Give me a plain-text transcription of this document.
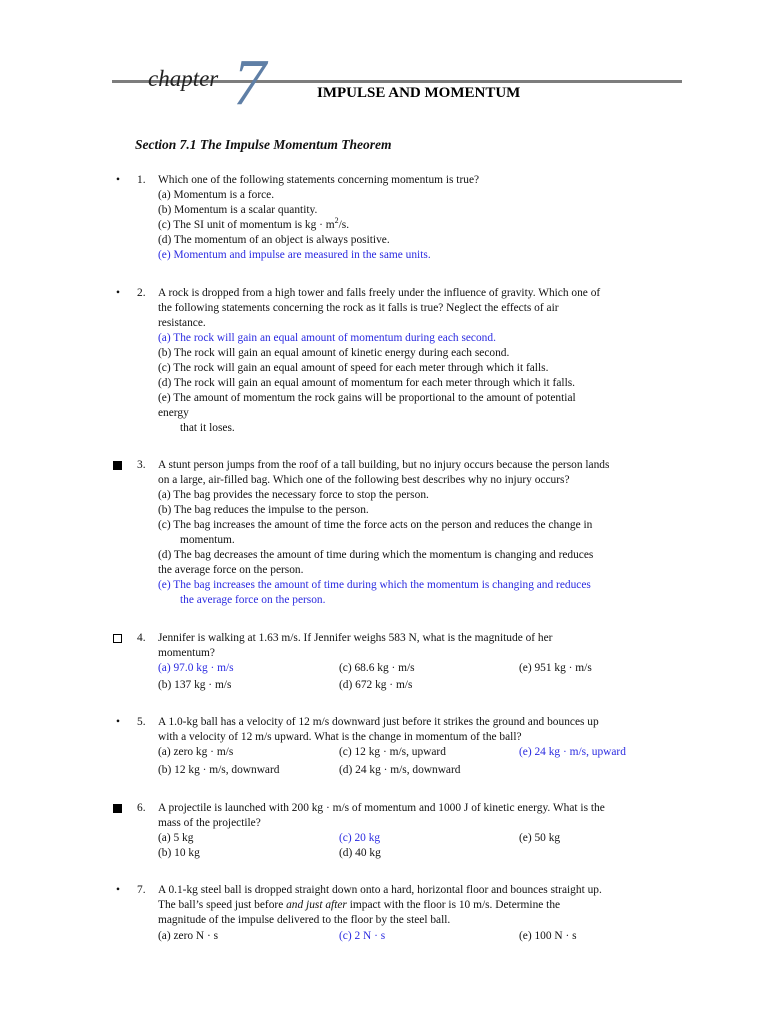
chapter 7	IMPULSE AND MOMENTUM
Section 7.1 The Impulse Momentum Theorem
•
1. Which one of the following statements concerning momentum is true?
(a) Momentum is a force.
(b) Momentum is a scalar quantity.
(c) The SI unit of momentum is kg · $m^2/s$.
(d) The momentum of an object is always positive.
(e) Momentum and impulse are measured in the same units.
•
2. A rock is dropped from a high tower and falls freely under the influence of gravity. Which one of
the following statements concerning the rock as it falls is true? Neglect the effects of air
resistance.
(a) The rock will gain an equal amount of momentum during each second.
(b) The rock will gain an equal amount of kinetic energy during each second.
(c) The rock will gain an equal amount of speed for each meter through which it falls.
(d) The rock will gain an equal amount of momentum for each meter through which it falls.
(e) The amount of momentum the rock gains will be proportional to the amount of potential
energy
that it loses.
3. A stunt person jumps from the roof of a tall building, but no injury occurs because the person lands
on a large, air-filled bag. Which one of the following best describes why no injury occurs?
(a) The bag provides the necessary force to stop the person.
(b) The bag reduces the impulse to the person.
(c) The bag increases the amount of time the force acts on the person and reduces the change in
momentum.
(d) The bag decreases the amount of time during which the momentum is changing and reduces
the average force on the person.
(e) The bag increases the amount of time during which the momentum is changing and reduces
the average force on the person.
4. Jennifer is walking at 1.63 m/s. If Jennifer weighs 583 N, what is the magnitude of her
momentum?
(a) 97.0 kg · m/s	(c) 68.6 kg · m/s	(e) 951 kg · m/s
(b) 137 kg · m/s	(d) 672 kg · m/s
•
5. A 1.0-kg ball has a velocity of 12 m/s downward just before it strikes the ground and bounces up
with a velocity of 12 m/s upward. What is the change in momentum of the ball?
(a) zero kg · m/s	(c) 12 kg · m/s, upward	(e) 24 kg · m/s, upward
(b) 12 kg · m/s, downward	(d) 24 kg · m/s, downward
6. A projectile is launched with 200 kg · m/s of momentum and 1000 J of kinetic energy. What is the
mass of the projectile?
(a) 5 kg	(c) 20 kg	(e) 50 kg
(b) 10 kg	(d) 40 kg
•
7. A 0.1-kg steel ball is dropped straight down onto a hard, horizontal floor and bounces straight up.
The ball’s speed just before and just after impact with the floor is 10 m/s. Determine the
magnitude of the impulse delivered to the floor by the steel ball.
(a) zero N · s	(c) 2 N · s	(e) 100 N · s
